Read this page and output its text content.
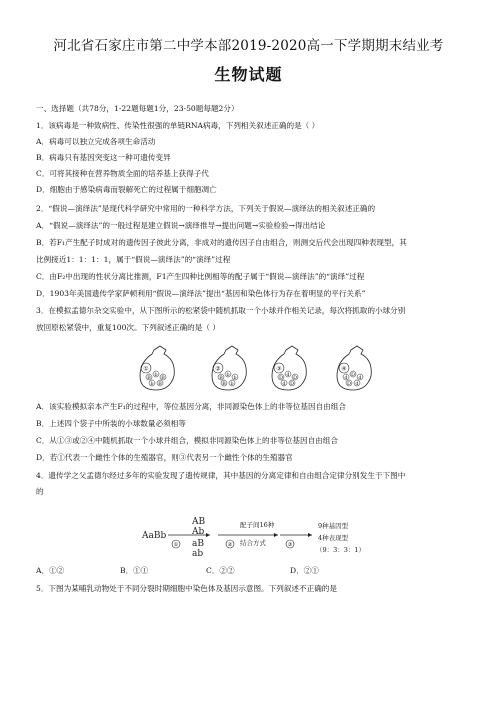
河北省石家庄市第二中学本部2019-2020高一下学期期末结业考
生物试题
一、选择题（共78分，1-22题每题1分，23-50题每题2分）
1．该病毒是一种致病性、传染性很强的单链RNA病毒，下列相关叙述正确的是（ ）
A．病毒可以独立完成各项生命活动
B．病毒只有基因突变这一种可遗传变异
C．可将其接种在营养物质全面的培养基上获得子代
D．细胞由于感染病毒而裂解死亡的过程属于细胞凋亡
2．“假说—演绎法”是现代科学研究中常用的一种科学方法，下列关于假说—演绎法的相关叙述正确的
A．“假说—演绎法”的一般过程是建立假说→演绎推导→提出问题→实验检验→得出结论
B．若F₁产生配子时成对的遗传因子彼此分离，非成对的遗传因子自由组合，则测交后代会出现四种表现型，其
比例接近1：1：1：1，属于“假说—演绎法”的“演绎”过程
C．由F₂中出现的性状分离比推测，F1产生四种比例相等的配子属于“假说—演绎法”的“演绎”过程
D．1903年美国遗传学家萨顿利用“假说—演绎法”提出“基因和染色体行为存在着明显的平行关系”
3．在模拟孟德尔杂交实验中，从下图所示的松紧袋中随机抓取一个小球并作相关记录，每次将抓取的小球分别
放回原松紧袋中，重复100次。下列叙述正确的是（ ）
①
B b B
b B
②
B b b
B b
③
D d D
d D
④
d D d
D d
A．该实验模拟亲本产生F₁的过程中，等位基因分离，非同源染色体上的非等位基因自由组合
B．上述四个袋子中所装的小球数量必须相等
C．从①③或②④中随机抓取一个小球并组合，模拟非同源染色体上的非等位基因自由组合
D．若①代表一个雌性个体的生殖器官，则③代表另一个雌性个体的生殖器官
4．遗传学之父孟德尔经过多年的实验发现了遗传规律，其中基因的分离定律和自由组合定律分别发生于下图中
的
AaBb
AB
Ab
aB
ab
①
配子间16种
结合方式
②	③
9种基因型
4种表现型
（9：3：3：1）
A．①②	B．①①	C．②②	D．②①
5．下图为某哺乳动物处于不同分裂时期细胞中染色体及基因示意图。下列叙述不正确的是
